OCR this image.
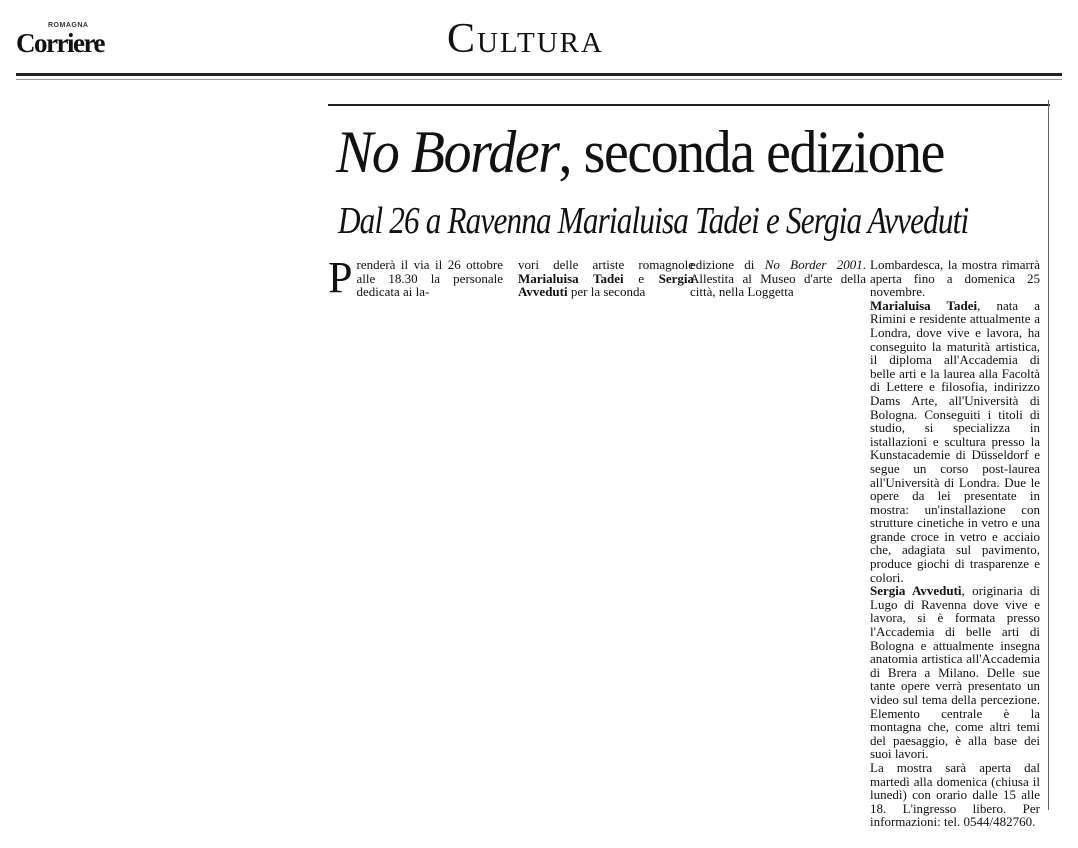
ROMAGNA
Corriere	Cultura
No Border, seconda edizione
Dal 26 a Ravenna Marialuisa Tadei e Sergia Avveduti

Prenderà il via il 26 ottobre alle 18.30 la personale dedicata ai la-

vori delle artiste romagnole Marialuisa Tadei e Sergia Avveduti per la seconda

edizione di No Border 2001. Allestita al Museo d'arte della città, nella Loggetta

Lombardesca, la mostra rimarrà aperta fino a domenica 25 novembre.

Marialuisa Tadei, nata a Rimini e residente attualmente a Londra, dove vive e lavora, ha conseguito la maturità artistica, il diploma all'Accademia di belle arti e la laurea alla Facoltà di Lettere e filosofia, indirizzo Dams Arte, all'Università di Bologna. Conseguiti i titoli di studio, si specializza in istallazioni e scultura presso la Kunstacademie di Düsseldorf e segue un corso post-laurea all'Università di Londra. Due le opere da lei presentate in mostra: un'installazione con strutture cinetiche in vetro e una grande croce in vetro e acciaio che, adagiata sul pavimento, produce giochi di trasparenze e colori.

Sergia Avveduti, originaria di Lugo di Ravenna dove vive e lavora, si è formata presso l'Accademia di belle arti di Bologna e attualmente insegna anatomia artistica all'Accademia di Brera a Milano. Delle sue tante opere verrà presentato un video sul tema della percezione. Elemento centrale è la montagna che, come altri temi del paesaggio, è alla base dei suoi lavori.

La mostra sarà aperta dal martedì alla domenica (chiusa il lunedì) con orario dalle 15 alle 18. L'ingresso libero. Per informazioni: tel. 0544/482760.
